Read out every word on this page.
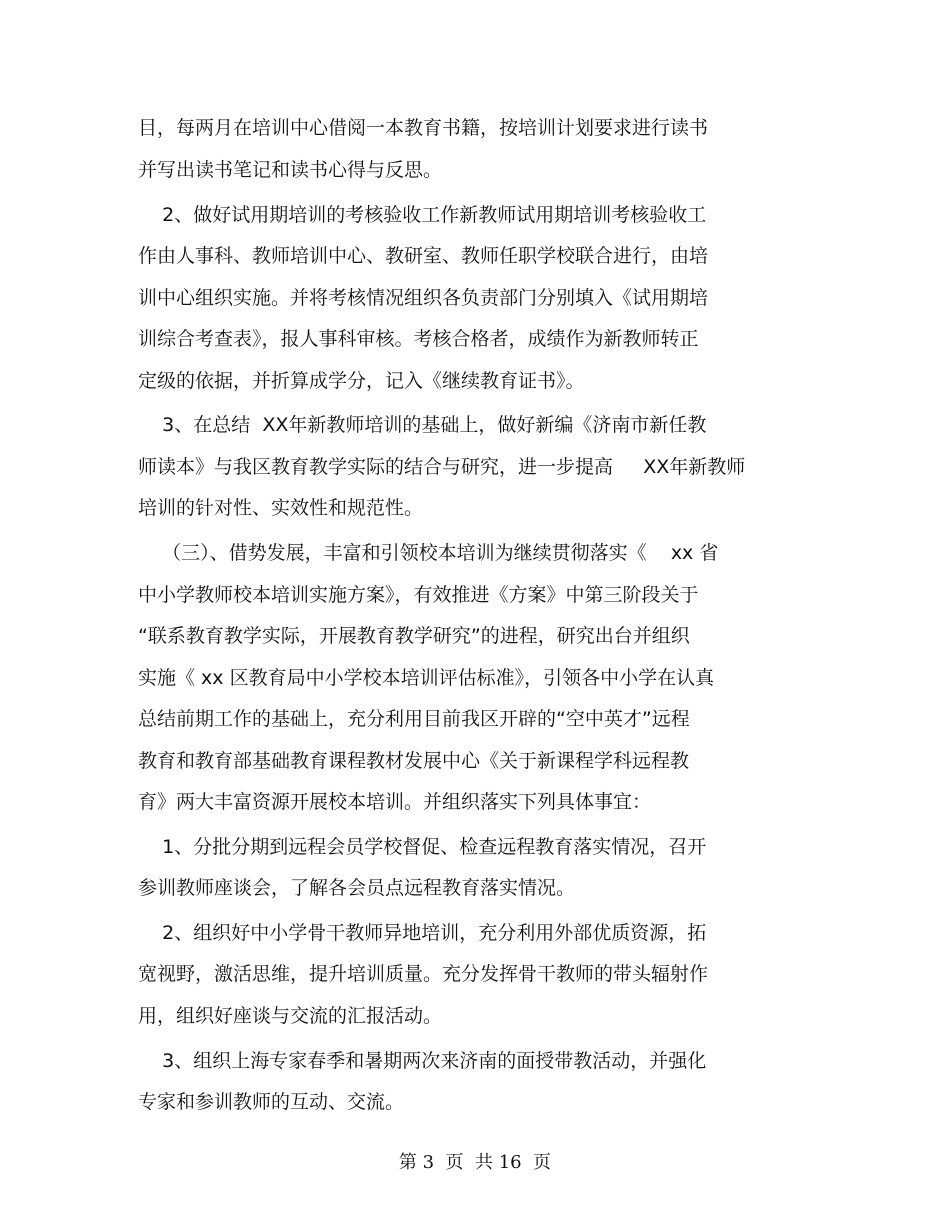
目，每两月在培训中心借阅一本教育书籍，按培训计划要求进行读书
并写出读书笔记和读书心得与反思。
2、做好试用期培训的考核验收工作新教师试用期培训考核验收工
作由人事科、教师培训中心、教研室、教师任职学校联合进行，由培
训中心组织实施。并将考核情况组织各负责部门分别填入《试用期培
训综合考查表》，报人事科审核。考核合格者，成绩作为新教师转正
定级的依据，并折算成学分，记入《继续教育证书》。
3、在总结  XX年新教师培训的基础上，做好新编《济南市新任教
师读本》与我区教育教学实际的结合与研究，进一步提高     XX年新教师
培训的针对性、实效性和规范性。
（三）、借势发展，丰富和引领校本培训为继续贯彻落实《    xx 省
中小学教师校本培训实施方案》，有效推进《方案》中第三阶段关于
“联系教育教学实际，开展教育教学研究”的进程，研究出台并组织
实施《 xx 区教育局中小学校本培训评估标准》，引领各中小学在认真
总结前期工作的基础上，充分利用目前我区开辟的“空中英才”远程
教育和教育部基础教育课程教材发展中心《关于新课程学科远程教
育》两大丰富资源开展校本培训。并组织落实下列具体事宜：
1、分批分期到远程会员学校督促、检查远程教育落实情况，召开
参训教师座谈会，了解各会员点远程教育落实情况。
2、组织好中小学骨干教师异地培训，充分利用外部优质资源，拓
宽视野，激活思维，提升培训质量。充分发挥骨干教师的带头辐射作
用，组织好座谈与交流的汇报活动。
3、组织上海专家春季和暑期两次来济南的面授带教活动，并强化
专家和参训教师的互动、交流。
第 3  页  共 16  页
